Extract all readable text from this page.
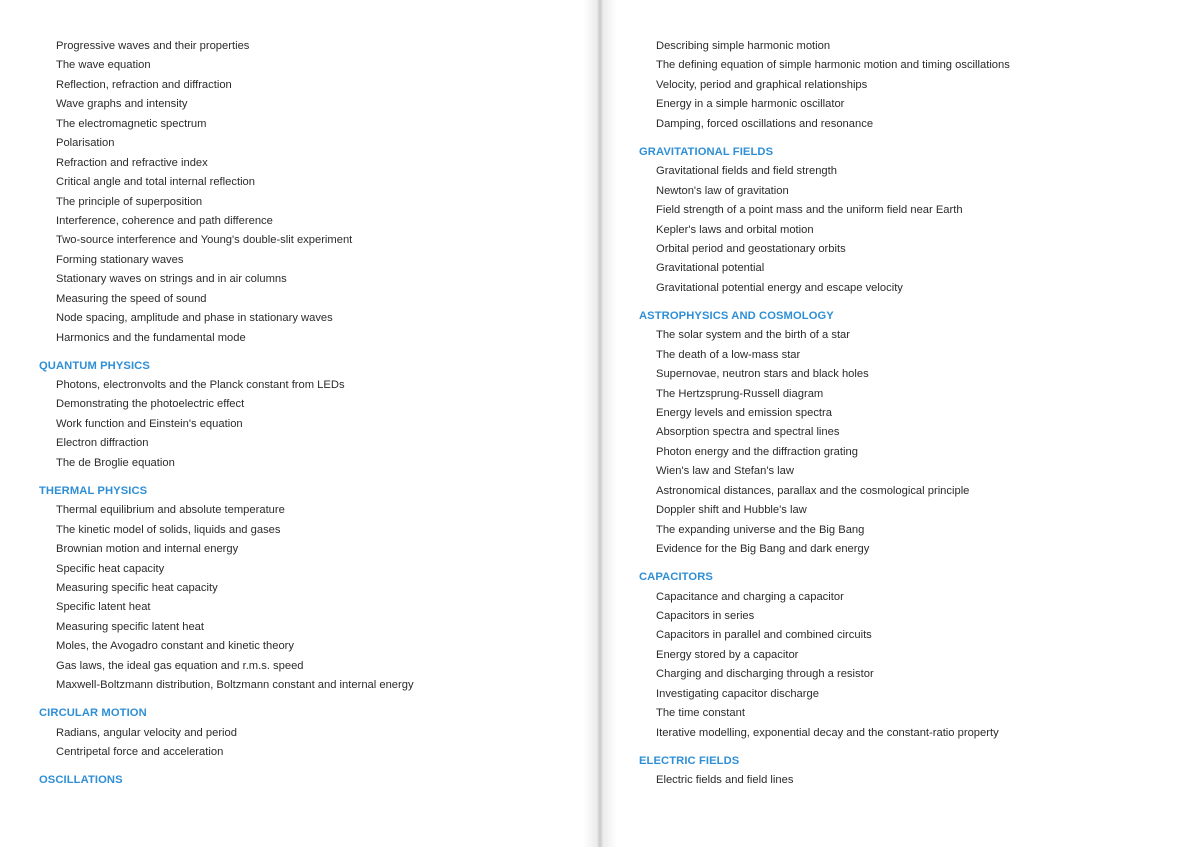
Progressive waves and their properties
The wave equation
Reflection, refraction and diffraction
Wave graphs and intensity
The electromagnetic spectrum
Polarisation
Refraction and refractive index
Critical angle and total internal reflection
The principle of superposition
Interference, coherence and path difference
Two-source interference and Young's double-slit experiment
Forming stationary waves
Stationary waves on strings and in air columns
Measuring the speed of sound
Node spacing, amplitude and phase in stationary waves
Harmonics and the fundamental mode
QUANTUM PHYSICS
Photons, electronvolts and the Planck constant from LEDs
Demonstrating the photoelectric effect
Work function and Einstein's equation
Electron diffraction
The de Broglie equation
THERMAL PHYSICS
Thermal equilibrium and absolute temperature
The kinetic model of solids, liquids and gases
Brownian motion and internal energy
Specific heat capacity
Measuring specific heat capacity
Specific latent heat
Measuring specific latent heat
Moles, the Avogadro constant and kinetic theory
Gas laws, the ideal gas equation and r.m.s. speed
Maxwell-Boltzmann distribution, Boltzmann constant and internal energy
CIRCULAR MOTION
Radians, angular velocity and period
Centripetal force and acceleration
OSCILLATIONS
Describing simple harmonic motion
The defining equation of simple harmonic motion and timing oscillations
Velocity, period and graphical relationships
Energy in a simple harmonic oscillator
Damping, forced oscillations and resonance
GRAVITATIONAL FIELDS
Gravitational fields and field strength
Newton's law of gravitation
Field strength of a point mass and the uniform field near Earth
Kepler's laws and orbital motion
Orbital period and geostationary orbits
Gravitational potential
Gravitational potential energy and escape velocity
ASTROPHYSICS AND COSMOLOGY
The solar system and the birth of a star
The death of a low-mass star
Supernovae, neutron stars and black holes
The Hertzsprung-Russell diagram
Energy levels and emission spectra
Absorption spectra and spectral lines
Photon energy and the diffraction grating
Wien's law and Stefan's law
Astronomical distances, parallax and the cosmological principle
Doppler shift and Hubble's law
The expanding universe and the Big Bang
Evidence for the Big Bang and dark energy
CAPACITORS
Capacitance and charging a capacitor
Capacitors in series
Capacitors in parallel and combined circuits
Energy stored by a capacitor
Charging and discharging through a resistor
Investigating capacitor discharge
The time constant
Iterative modelling, exponential decay and the constant-ratio property
ELECTRIC FIELDS
Electric fields and field lines
